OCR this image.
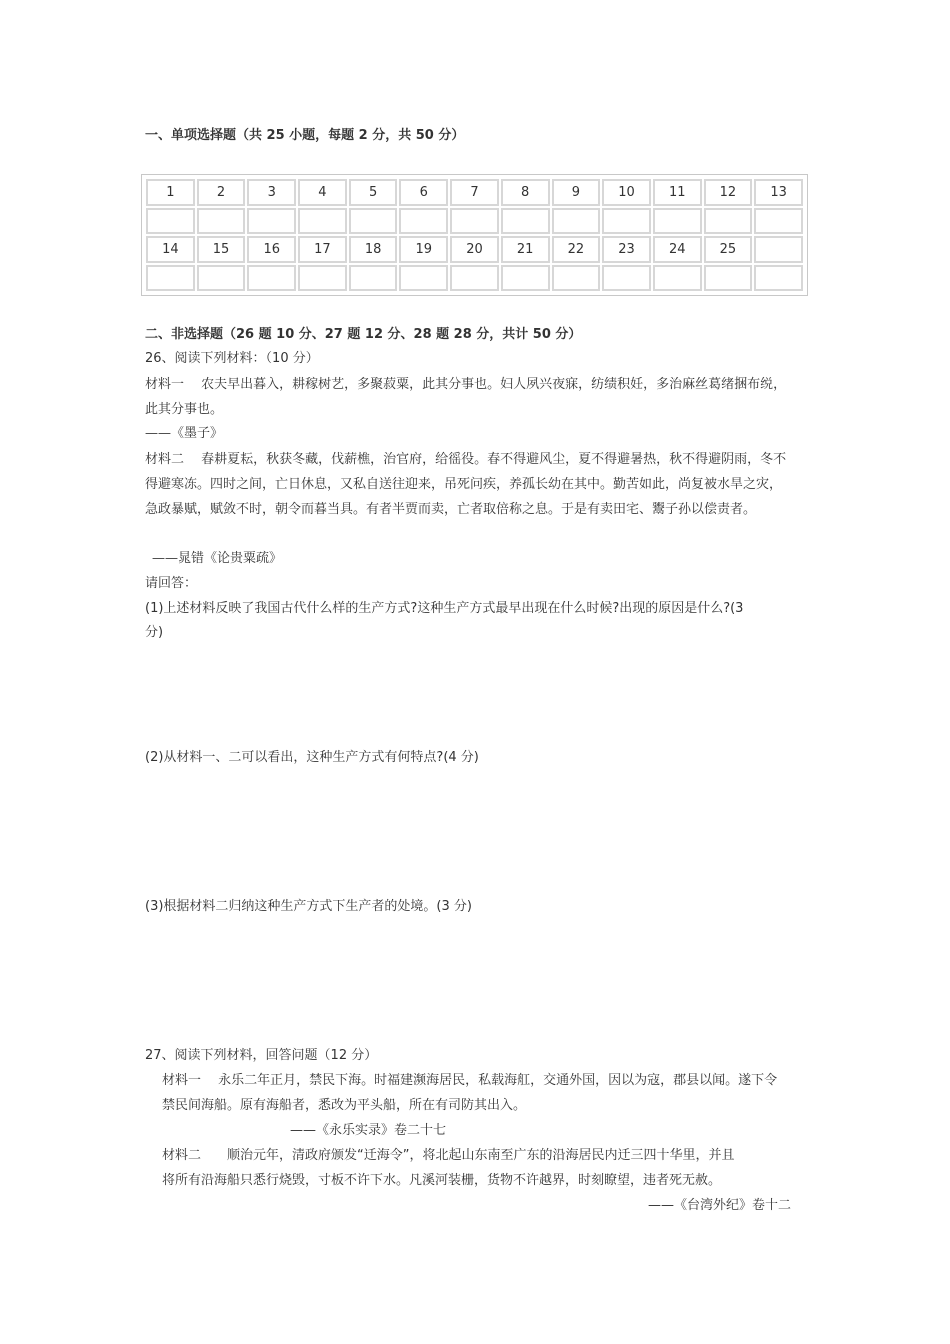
一、单项选择题（共 25 小题，每题 2 分，共 50 分）
1	2	3	4	5	6	7	8	9	10	11	12	13

14	15	16	17	18	19	20	21	22	23	24	25	

二、非选择题（26 题 10 分、27 题 12 分、28 题 28 分，共计 50 分）
26、阅读下列材料：（10 分）
材料一　 农夫早出暮入，耕稼树艺，多聚菽粟，此其分事也。妇人夙兴夜寐，纺绩积妊，多治麻丝葛绪捆布䌼，
此其分事也。
——《墨子》
材料二　 春耕夏耘，秋获冬藏，伐薪樵，治官府，给徭役。春不得避风尘，夏不得避暑热，秋不得避阴雨，冬不
得避寒冻。四时之间，亡日休息，又私自送往迎来，吊死问疾，养孤长幼在其中。勤苦如此，尚复被水旱之灾，
急政暴赋，赋敛不时，朝令而暮当具。有者半贾而卖，亡者取倍称之息。于是有卖田宅、鬻子孙以偿责者。
——晁错《论贵粟疏》
请回答：
(1)上述材料反映了我国古代什么样的生产方式?这种生产方式最早出现在什么时候?出现的原因是什么?(3
分)
(2)从材料一、二可以看出，这种生产方式有何特点?(4 分)
(3)根据材料二归纳这种生产方式下生产者的处境。(3 分)
27、阅读下列材料，回答问题（12 分）
材料一　 永乐二年正月，禁民下海。时福建濒海居民，私载海舡，交通外国，因以为寇，郡县以闻。遂下令
禁民间海船。原有海船者，悉改为平头船，所在有司防其出入。
——《永乐实录》卷二十七
材料二　　顺治元年，清政府颁发“迁海令”，将北起山东南至广东的沿海居民内迁三四十华里，并且
将所有沿海船只悉行烧毁，寸板不许下水。凡溪河装栅，货物不许越界，时刻瞭望，违者死无赦。
——《台湾外纪》卷十二
